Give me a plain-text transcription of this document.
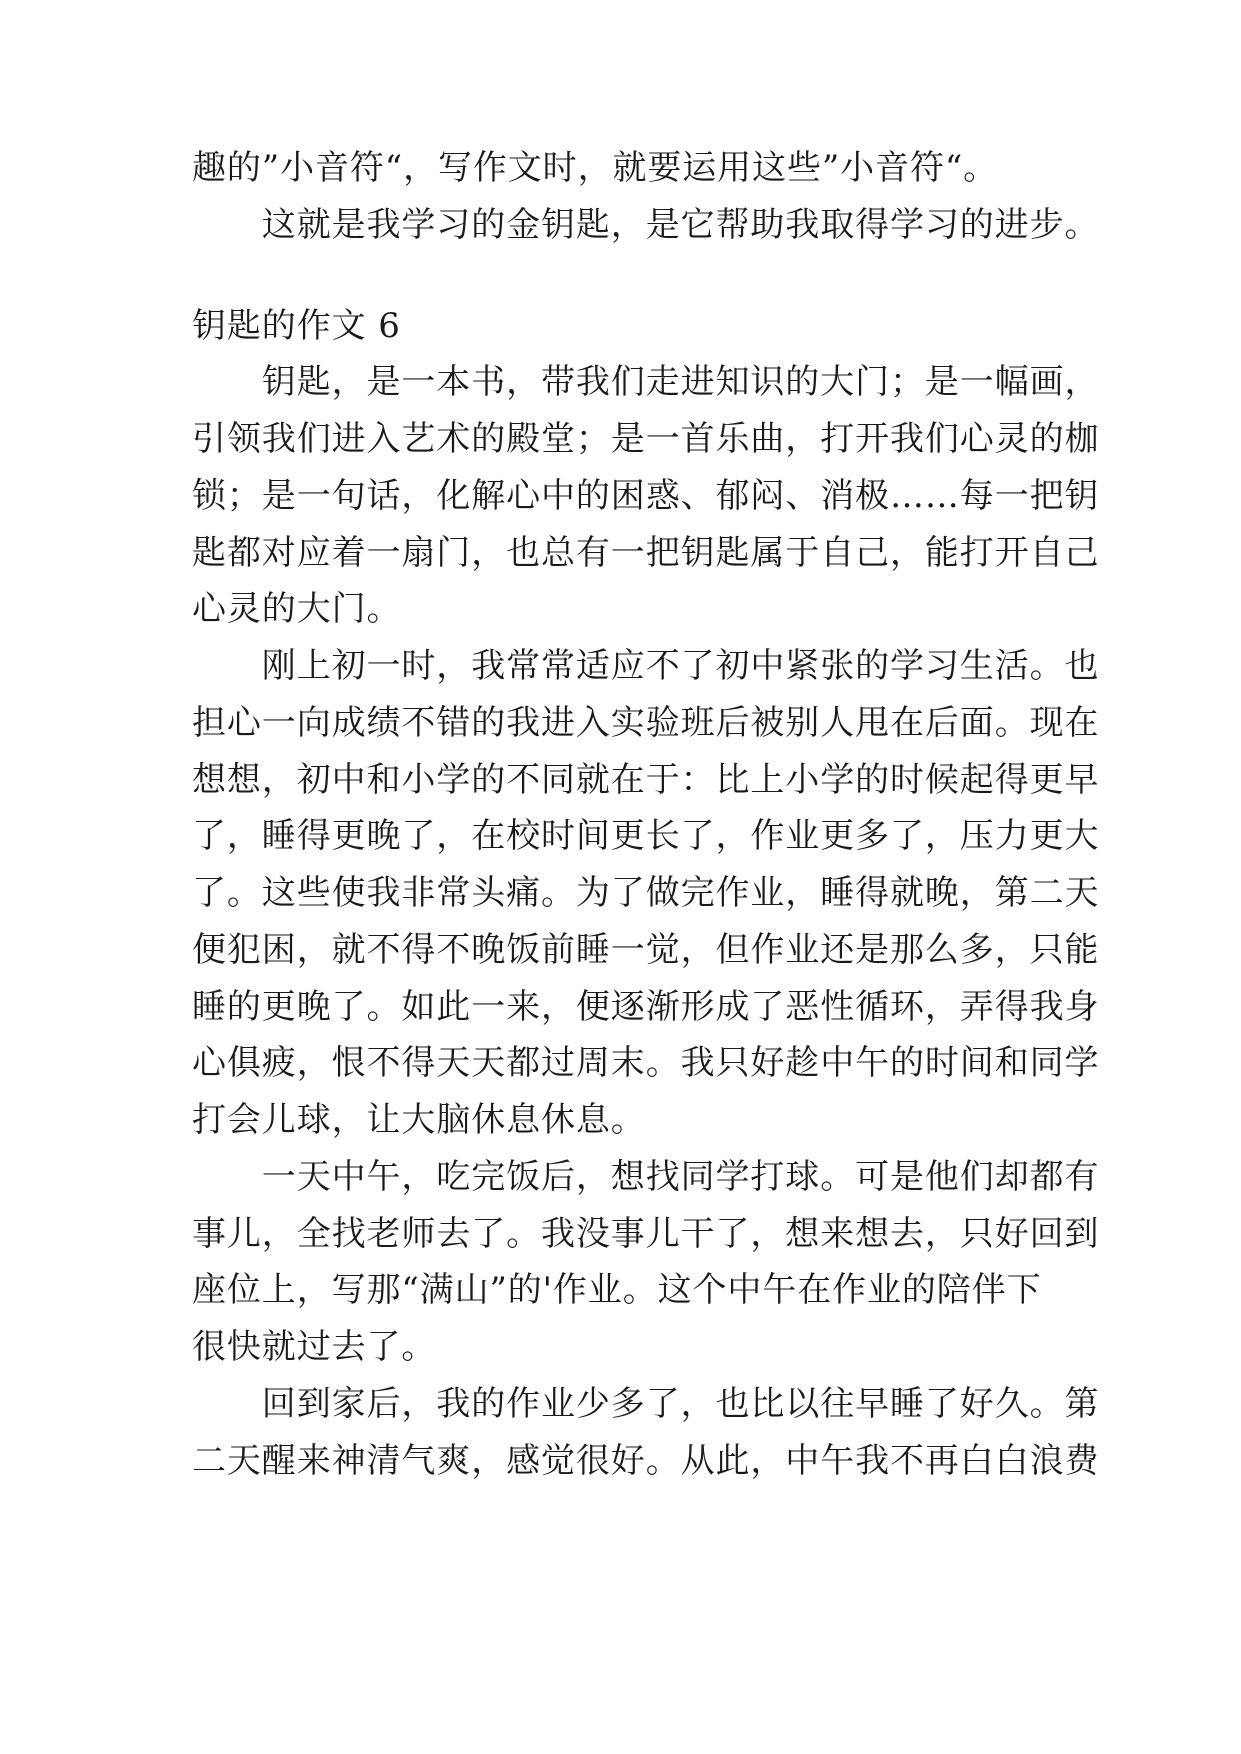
趣的”小音符“，写作文时，就要运用这些”小音符“。
　　这就是我学习的金钥匙，是它帮助我取得学习的进步。
钥匙的作文 6
　　钥匙，是一本书，带我们走进知识的大门；是一幅画，
引领我们进入艺术的殿堂；是一首乐曲，打开我们心灵的枷
锁；是一句话，化解心中的困惑、郁闷、消极……每一把钥
匙都对应着一扇门，也总有一把钥匙属于自己，能打开自己
心灵的大门。
　　刚上初一时，我常常适应不了初中紧张的学习生活。也
担心一向成绩不错的我进入实验班后被别人甩在后面。现在
想想，初中和小学的不同就在于：比上小学的时候起得更早
了，睡得更晚了，在校时间更长了，作业更多了，压力更大
了。这些使我非常头痛。为了做完作业，睡得就晚，第二天
便犯困，就不得不晚饭前睡一觉，但作业还是那么多，只能
睡的更晚了。如此一来，便逐渐形成了恶性循环，弄得我身
心俱疲，恨不得天天都过周末。我只好趁中午的时间和同学
打会儿球，让大脑休息休息。
　　一天中午，吃完饭后，想找同学打球。可是他们却都有
事儿，全找老师去了。我没事儿干了，想来想去，只好回到
座位上，写那“满山”的'作业。这个中午在作业的陪伴下
很快就过去了。
　　回到家后，我的作业少多了，也比以往早睡了好久。第
二天醒来神清气爽，感觉很好。从此，中午我不再白白浪费
